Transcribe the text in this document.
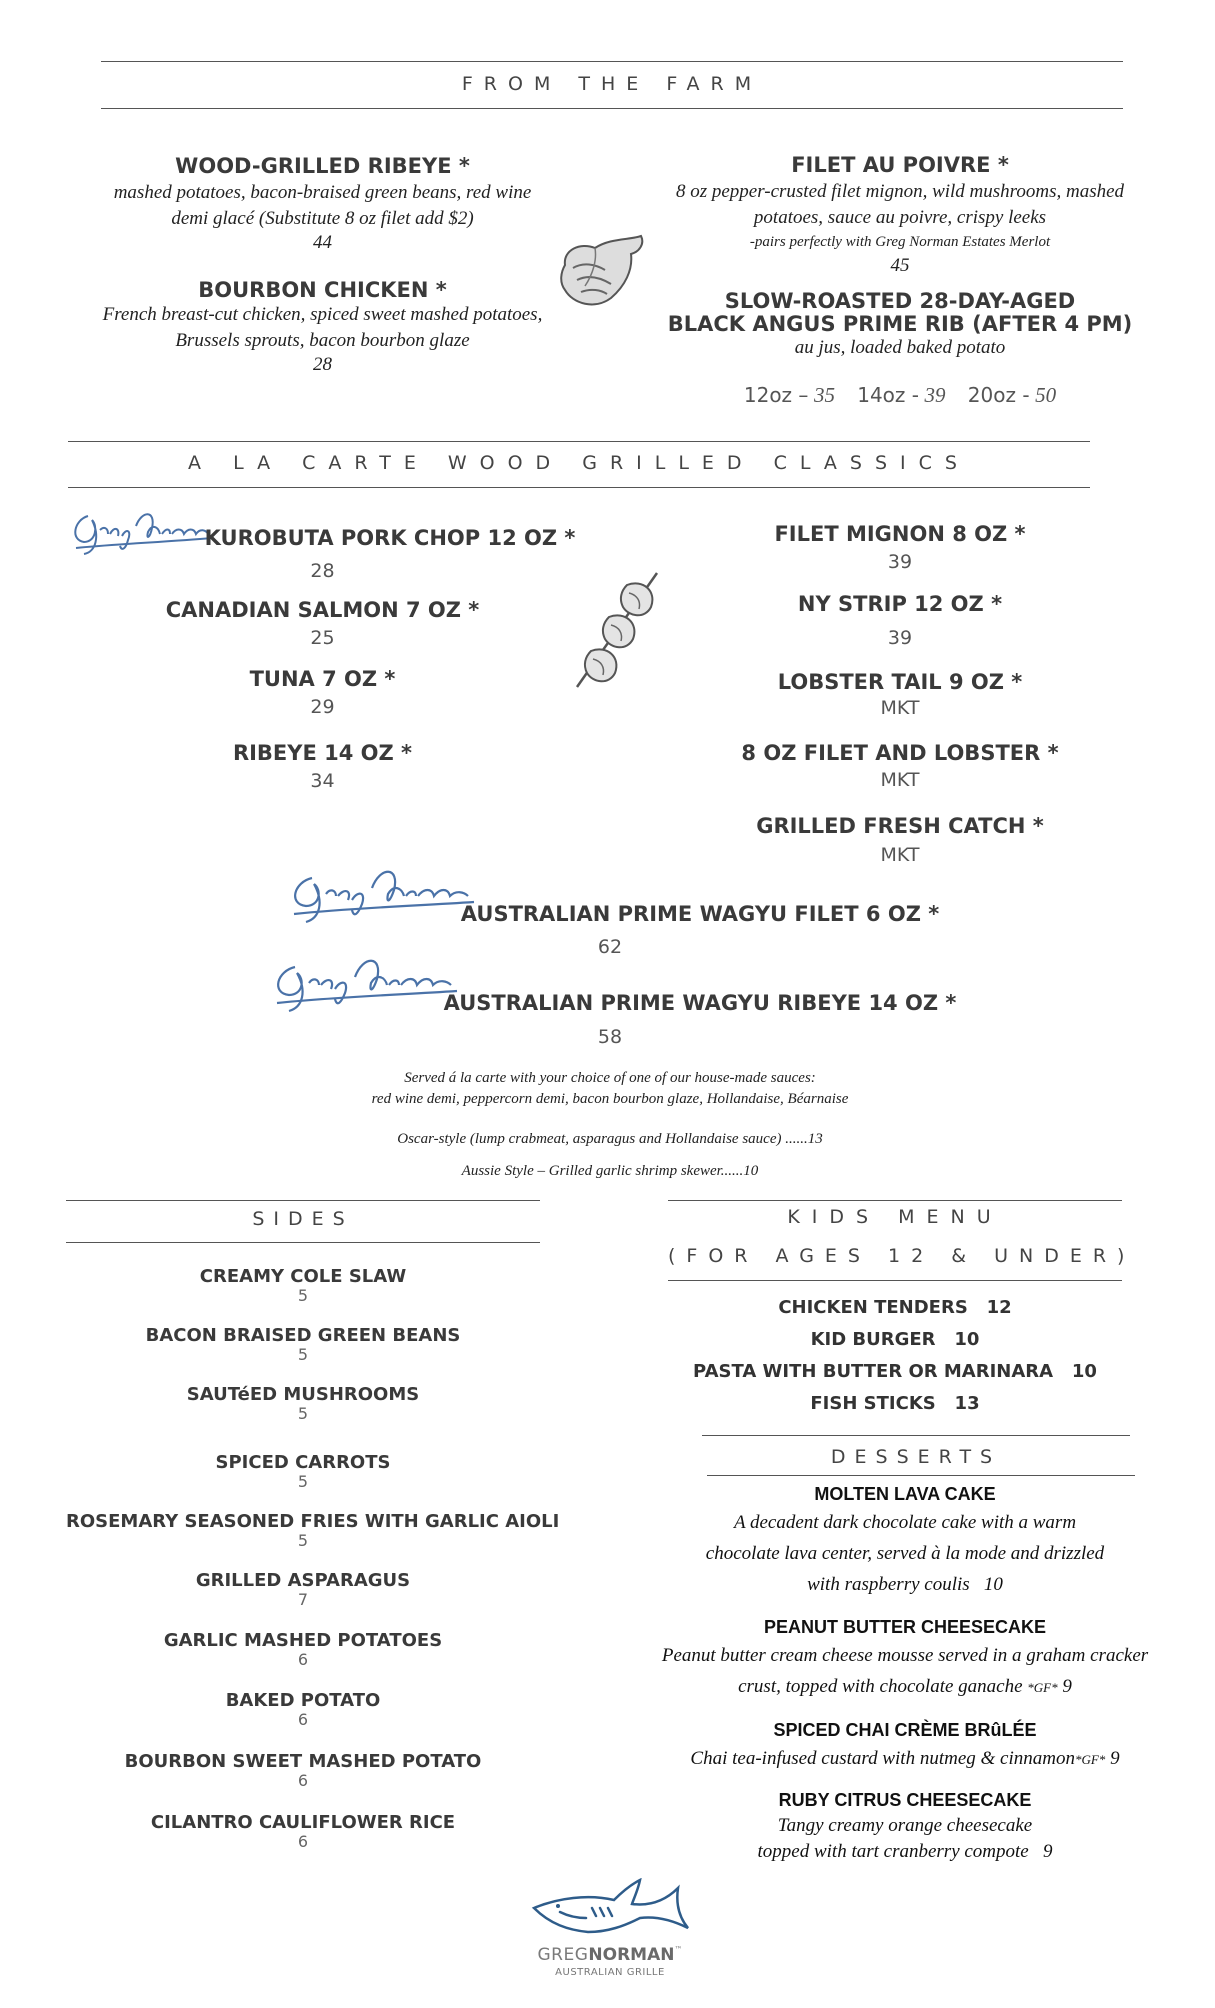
FROM THE FARM
WOOD-GRILLED RIBEYE *
mashed potatoes, bacon-braised green beans, red wine demi glacé (Substitute 8 oz filet add $2)
44
BOURBON CHICKEN *
French breast-cut chicken, spiced sweet mashed potatoes, Brussels sprouts, bacon bourbon glaze
28
FILET AU POIVRE *
8 oz pepper-crusted filet mignon, wild mushrooms, mashed potatoes, sauce au poivre, crispy leeks
-pairs perfectly with Greg Norman Estates Merlot
45
SLOW-ROASTED 28-DAY-AGED
BLACK ANGUS PRIME RIB (AFTER 4 PM)
au jus, loaded baked potato
12oz – 35 14oz - 39 20oz - 50
A LA CARTE WOOD GRILLED CLASSICS
KUROBUTA PORK CHOP 12 OZ *
28
CANADIAN SALMON 7 OZ *
25
TUNA 7 OZ *
29
RIBEYE 14 OZ *
34
FILET MIGNON 8 OZ *
39
NY STRIP 12 OZ *
39
LOBSTER TAIL 9 OZ *
MKT
8 OZ FILET AND LOBSTER *
MKT
GRILLED FRESH CATCH *
MKT
AUSTRALIAN PRIME WAGYU FILET 6 OZ *
62
AUSTRALIAN PRIME WAGYU RIBEYE 14 OZ *
58
Served á la carte with your choice of one of our house-made sauces:
red wine demi, peppercorn demi, bacon bourbon glaze, Hollandaise, Béarnaise
Oscar-style (lump crabmeat, asparagus and Hollandaise sauce) ......13
Aussie Style – Grilled garlic shrimp skewer......10
SIDES
CREAMY COLE SLAW
5
BACON BRAISED GREEN BEANS
5
SAUTéED MUSHROOMS
5
SPICED CARROTS
5
ROSEMARY SEASONED FRIES WITH GARLIC AIOLI
5
GRILLED ASPARAGUS
7
GARLIC MASHED POTATOES
6
BAKED POTATO
6
BOURBON SWEET MASHED POTATO
6
CILANTRO CAULIFLOWER RICE
6
KIDS MENU
(FOR AGES 12 & UNDER)
CHICKEN TENDERS 12
KID BURGER 10
PASTA WITH BUTTER OR MARINARA 10
FISH STICKS 13
DESSERTS
MOLTEN LAVA CAKE
A decadent dark chocolate cake with a warm chocolate lava center, served à la mode and drizzled with raspberry coulis 10
PEANUT BUTTER CHEESECAKE
Peanut butter cream cheese mousse served in a graham cracker crust, topped with chocolate ganache *GF* 9
SPICED CHAI CRÈME BRûLÉE
Chai tea-infused custard with nutmeg & cinnamon*GF* 9
RUBY CITRUS CHEESECAKE
Tangy creamy orange cheesecake
topped with tart cranberry compote 9
GREGNORMAN™
AUSTRALIAN GRILLE
